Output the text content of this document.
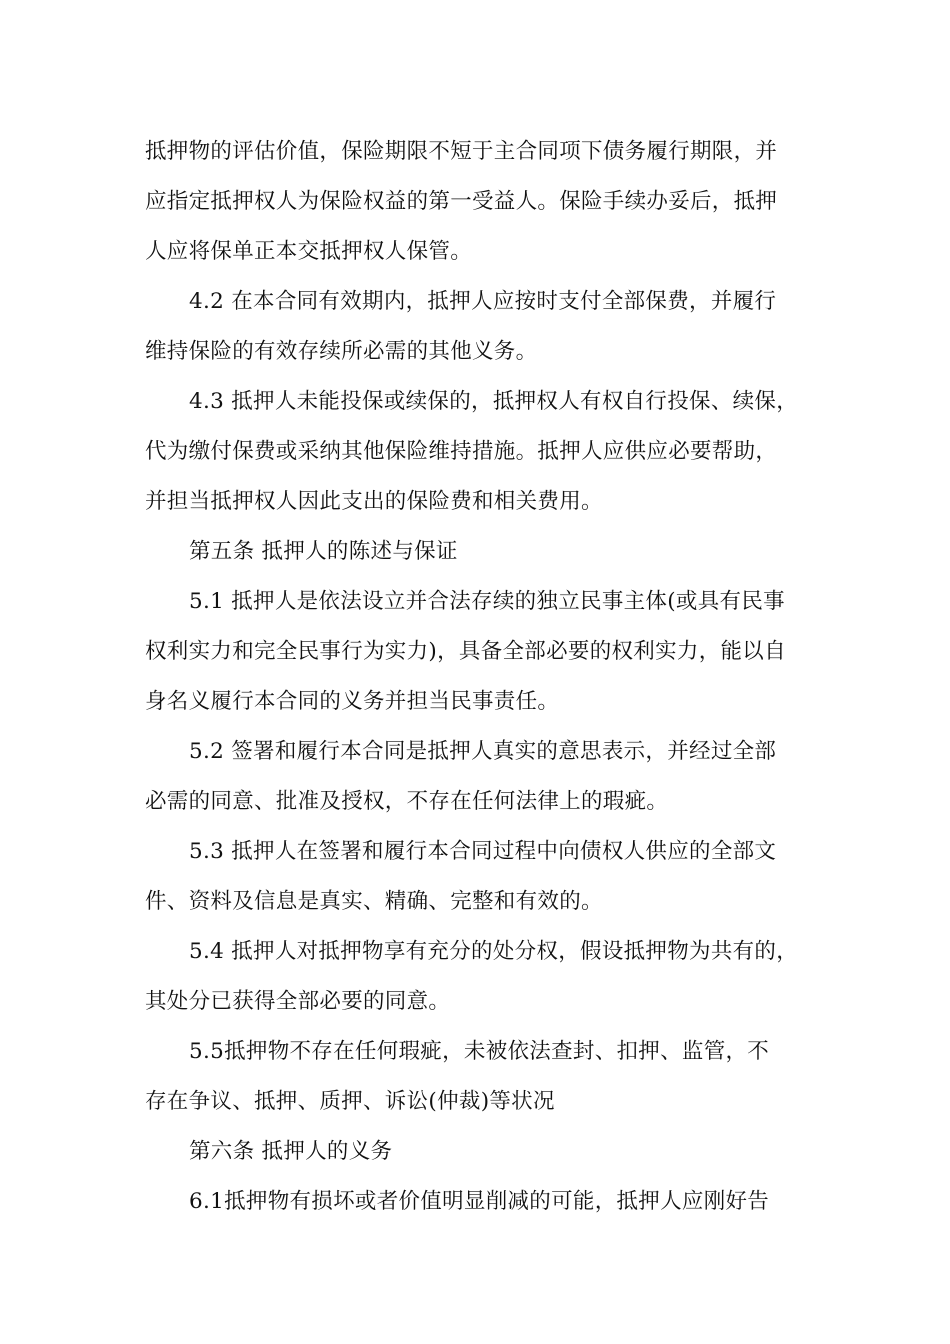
抵押物的评估价值，保险期限不短于主合同项下债务履行期限，并
应指定抵押权人为保险权益的第一受益人。保险手续办妥后，抵押
人应将保单正本交抵押权人保管。
4.2 在本合同有效期内，抵押人应按时支付全部保费，并履行
维持保险的有效存续所必需的其他义务。
4.3 抵押人未能投保或续保的，抵押权人有权自行投保、续保，
代为缴付保费或采纳其他保险维持措施。抵押人应供应必要帮助，
并担当抵押权人因此支出的保险费和相关费用。
第五条 抵押人的陈述与保证
5.1 抵押人是依法设立并合法存续的独立民事主体(或具有民事
权利实力和完全民事行为实力)，具备全部必要的权利实力，能以自
身名义履行本合同的义务并担当民事责任。
5.2 签署和履行本合同是抵押人真实的意思表示，并经过全部
必需的同意、批准及授权，不存在任何法律上的瑕疵。
5.3 抵押人在签署和履行本合同过程中向债权人供应的全部文
件、资料及信息是真实、精确、完整和有效的。
5.4 抵押人对抵押物享有充分的处分权，假设抵押物为共有的，
其处分已获得全部必要的同意。
5.5抵押物不存在任何瑕疵，未被依法查封、扣押、监管，不
存在争议、抵押、质押、诉讼(仲裁)等状况
第六条 抵押人的义务
6.1抵押物有损坏或者价值明显削减的可能，抵押人应刚好告
